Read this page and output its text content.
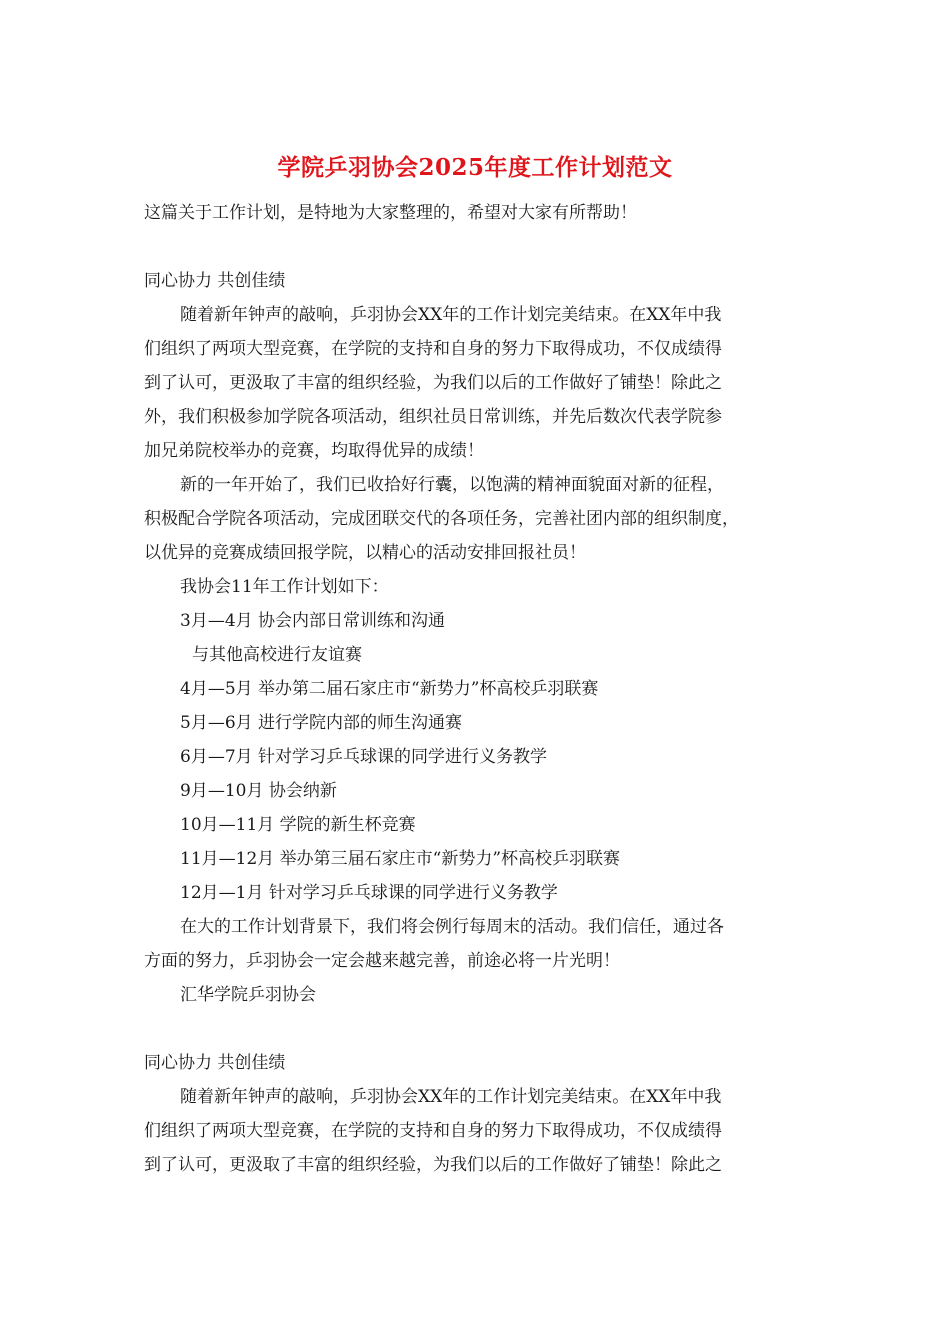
学院乒羽协会2025年度工作计划范文

这篇关于工作计划，是特地为大家整理的，希望对大家有所帮助！

同心协力 共创佳绩

随着新年钟声的敲响，乒羽协会XX年的工作计划完美结束。在XX年中我

们组织了两项大型竞赛，在学院的支持和自身的努力下取得成功，不仅成绩得

到了认可，更汲取了丰富的组织经验，为我们以后的工作做好了铺垫！除此之

外，我们积极参加学院各项活动，组织社员日常训练，并先后数次代表学院参

加兄弟院校举办的竞赛，均取得优异的成绩！

新的一年开始了，我们已收拾好行囊，以饱满的精神面貌面对新的征程，

积极配合学院各项活动，完成团联交代的各项任务，完善社团内部的组织制度，

以优异的竞赛成绩回报学院，以精心的活动安排回报社员！

我协会11年工作计划如下：

3月—4月 协会内部日常训练和沟通

与其他高校进行友谊赛

4月—5月 举办第二届石家庄市“新势力”杯高校乒羽联赛

5月—6月 进行学院内部的师生沟通赛

6月—7月 针对学习乒乓球课的同学进行义务教学

9月—10月 协会纳新

10月—11月 学院的新生杯竞赛

11月—12月 举办第三届石家庄市“新势力”杯高校乒羽联赛

12月—1月 针对学习乒乓球课的同学进行义务教学

在大的工作计划背景下，我们将会例行每周末的活动。我们信任，通过各

方面的努力，乒羽协会一定会越来越完善，前途必将一片光明！

汇华学院乒羽协会

同心协力 共创佳绩

随着新年钟声的敲响，乒羽协会XX年的工作计划完美结束。在XX年中我

们组织了两项大型竞赛，在学院的支持和自身的努力下取得成功，不仅成绩得

到了认可，更汲取了丰富的组织经验，为我们以后的工作做好了铺垫！除此之
